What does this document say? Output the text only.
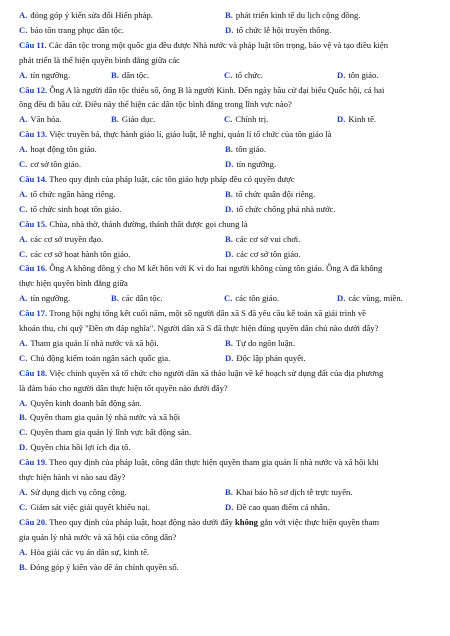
A. đóng góp ý kiến sửa đổi Hiến pháp.	B. phát triển kinh tế du lịch cộng đồng.
C. bảo tồn trang phục dân tộc.	D. tổ chức lễ hội truyền thống.
Câu 11. Các dân tộc trong một quốc gia đều được Nhà nước và pháp luật tôn trọng, bảo vệ và tạo điều kiện
phát triển là thể hiện quyền bình đẳng giữa các
A. tín ngưỡng.	B. dân tộc.	C. tổ chức.	D. tôn giáo.
Câu 12. Ông A là người dân tộc thiểu số, ông B là người Kinh. Đến ngày bầu cử đại biểu Quốc hội, cả hai
ông đều đi bầu cử. Điều này thể hiện các dân tộc bình đẳng trong lĩnh vực nào?
A. Văn hóa.	B. Giáo dục.	C. Chính trị.	D. Kinh tế.
Câu 13. Việc truyền bá, thực hành giáo lí, giáo luật, lễ nghi, quản lí tổ chức của tôn giáo là
A. hoạt động tôn giáo.	B. tôn giáo.
C. cơ sở tôn giáo.	D. tín ngưỡng.
Câu 14. Theo quy định của pháp luật, các tôn giáo hợp pháp đều có quyền được
A. tổ chức ngân hàng riêng.	B. tổ chức quân đội riêng.
C. tổ chức sinh hoạt tôn giáo.	D. tổ chức chống phá nhà nước.
Câu 15. Chùa, nhà thờ, thánh đường, thánh thất được gọi chung là
A. các cơ sở truyền đạo.	B. các cơ sở vui chơi.
C. các cơ sở hoạt hành tôn giáo.	D. các cơ sở tôn giáo.
Câu 16. Ông A không đồng ý cho M kết hôn với K vì do hai người không cùng tôn giáo. Ông A đã không
thực hiện quyền bình đẳng giữa
A. tín ngưỡng.	B. các dân tộc.	C. các tôn giáo.	D. các vùng, miền.
Câu 17. Trong hội nghị tổng kết cuối năm, một số người dân xã S đã yêu cầu kế toán xã giải trình về
khoản thu, chi quỹ "Đền ơn đáp nghĩa". Người dân xã S đã thực hiện đúng quyền dân chủ nào dưới đây?
A. Tham gia quản lí nhà nước và xã hội.	B. Tự do ngôn luận.
C. Chủ động kiểm toán ngân sách quốc gia.	D. Độc lập phán quyết.
Câu 18. Việc chính quyền xã tổ chức cho người dân xã thảo luận về kế hoạch sử dụng đất của địa phương
là đảm bảo cho người dân thực hiện tốt quyền nào dưới đây?
A. Quyền kinh doanh bất động sản.
B. Quyền tham gia quản lý nhà nước và xã hội
C. Quyền tham gia quản lý lĩnh vực bất động sản.
D. Quyền chia hồi lợi ích địa tô.
Câu 19. Theo quy định của pháp luật, công dân thực hiện quyền tham gia quản lí nhà nước và xã hội khi
thực hiện hành vi nào sau đây?
A. Sử dụng dịch vụ công cộng.	B. Khai báo hồ sơ dịch tễ trực tuyến.
C. Giám sát việc giải quyết khiếu nại.	D. Đề cao quan điểm cá nhân.
Câu 20. Theo quy định của pháp luật, hoạt động nào dưới đây không gắn với việc thực hiện quyền tham
gia quản lý nhà nước và xã hội của công dân?
A. Hòa giải các vụ án dân sự, kinh tế.
B. Đóng góp ý kiến vào dề án chính quyền số.
